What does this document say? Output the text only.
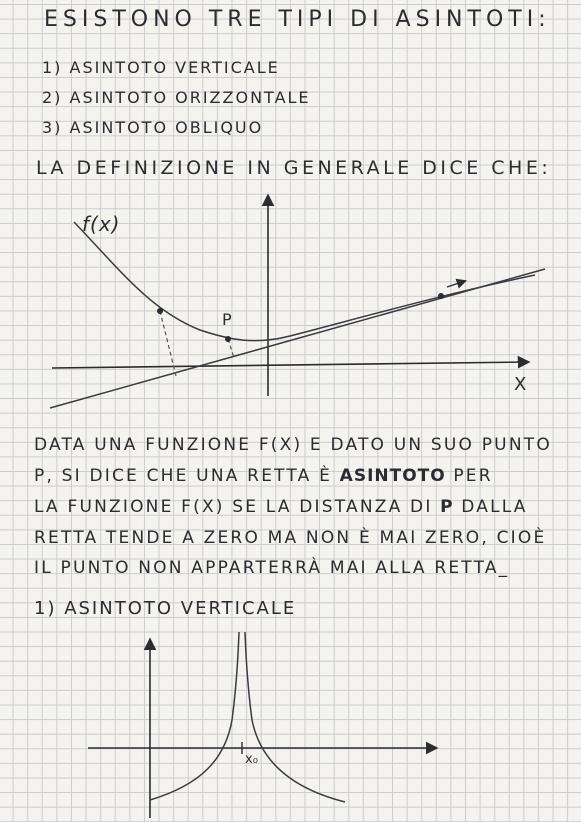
ESISTONO TRE TIPI DI ASINTOTI:
1) ASINTOTO VERTICALE
2) ASINTOTO ORIZZONTALE
3) ASINTOTO OBLIQUO
LA DEFINIZIONE IN GENERALE DICE CHE:
f(x)
P
X
DATA UNA FUNZIONE F(X) E DATO UN SUO PUNTO
P, SI DICE CHE UNA RETTA È ASINTOTO PER
LA FUNZIONE F(X) SE LA DISTANZA DI P DALLA
RETTA TENDE A ZERO MA NON È MAI ZERO, CIOÈ
IL PUNTO NON APPARTERRÀ MAI ALLA RETTA_
1) ASINTOTO VERTICALE
x₀
